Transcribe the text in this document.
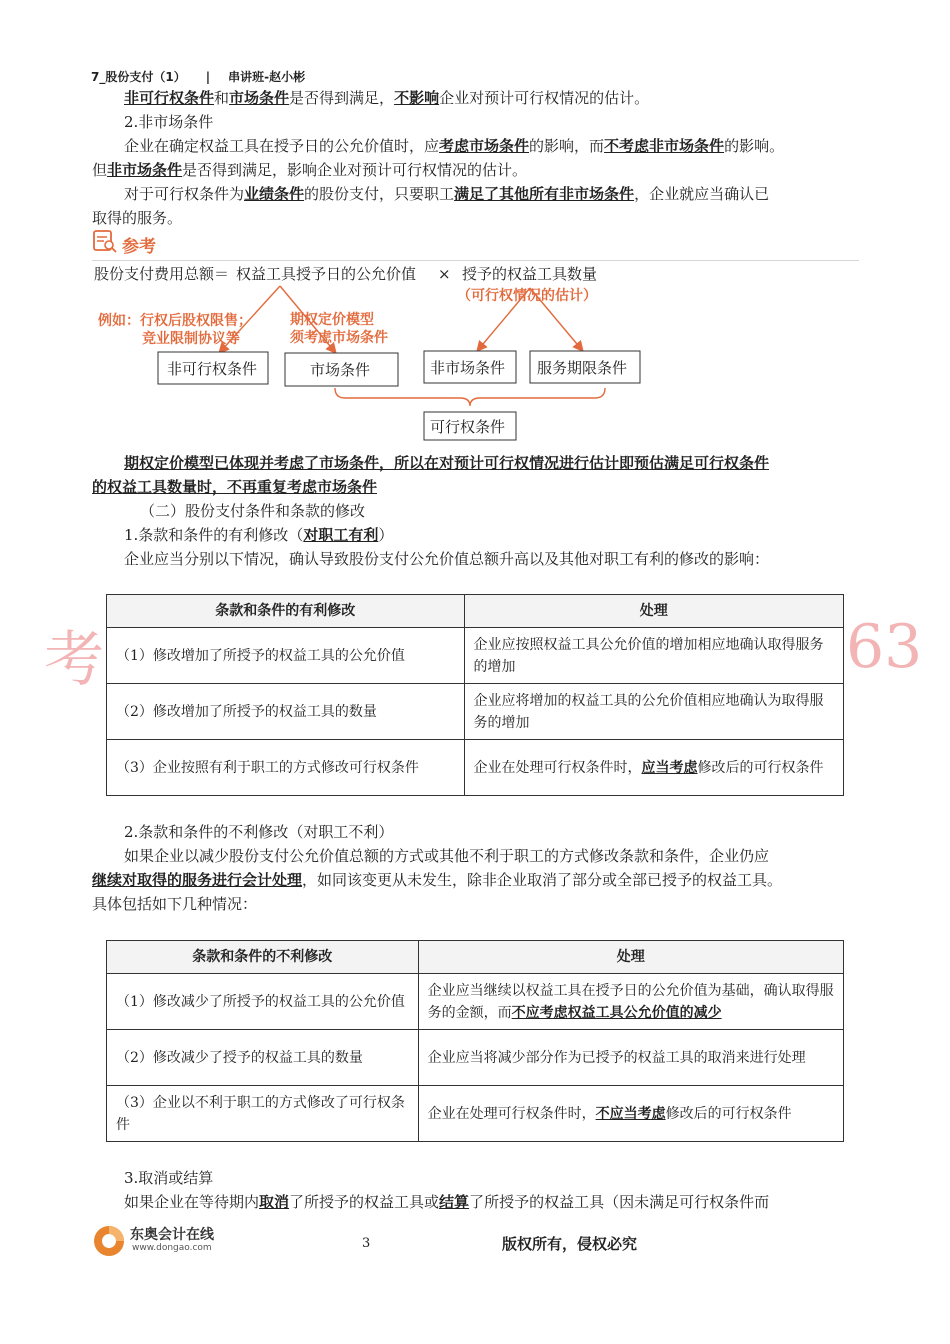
7_股份支付（1） | 串讲班-赵小彬
非可行权条件和市场条件是否得到满足，不影响企业对预计可行权情况的估计。
2.非市场条件
企业在确定权益工具在授予日的公允价值时，应考虑市场条件的影响，而不考虑非市场条件的影响。
但非市场条件是否得到满足，影响企业对预计可行权情况的估计。
对于可行权条件为业绩条件的股份支付，只要职工满足了其他所有非市场条件，企业就应当确认已
取得的服务。
参考
股份支付费用总额＝ 权益工具授予日的公允价值 × 授予的权益工具数量
（可行权情况的估计）
例如：行权后股权限售；
竞业限制协议等
期权定价模型
须考虑市场条件
非可行权条件	市场条件	非市场条件 服务期限条件
可行权条件
期权定价模型已体现并考虑了市场条件，所以在对预计可行权情况进行估计即预估满足可行权条件
的权益工具数量时，不再重复考虑市场条件
（二）股份支付条件和条款的修改
1.条款和条件的有利修改（对职工有利）
企业应当分别以下情况，确认导致股份支付公允价值总额升高以及其他对职工有利的修改的影响：
考	63
条款和条件的有利修改	处理
（1）修改增加了所授予的权益工具的公允价值	企业应按照权益工具公允价值的增加相应地确认取得服务的增加
（2）修改增加了所授予的权益工具的数量	企业应将增加的权益工具的公允价值相应地确认为取得服务的增加
（3）企业按照有利于职工的方式修改可行权条件	企业在处理可行权条件时，应当考虑修改后的可行权条件
2.条款和条件的不利修改（对职工不利）
如果企业以减少股份支付公允价值总额的方式或其他不利于职工的方式修改条款和条件，企业仍应
继续对取得的服务进行会计处理，如同该变更从未发生，除非企业取消了部分或全部已授予的权益工具。
具体包括如下几种情况：
条款和条件的不利修改	处理
（1）修改减少了所授予的权益工具的公允价值	企业应当继续以权益工具在授予日的公允价值为基础，确认取得服务的金额，而不应考虑权益工具公允价值的减少
（2）修改减少了授予的权益工具的数量	企业应当将减少部分作为已授予的权益工具的取消来进行处理
（3）企业以不利于职工的方式修改了可行权条件	企业在处理可行权条件时，不应当考虑修改后的可行权条件
3.取消或结算
如果企业在等待期内取消了所授予的权益工具或结算了所授予的权益工具（因未满足可行权条件而
东奥会计在线
www.dongao.com	3	版权所有，侵权必究
